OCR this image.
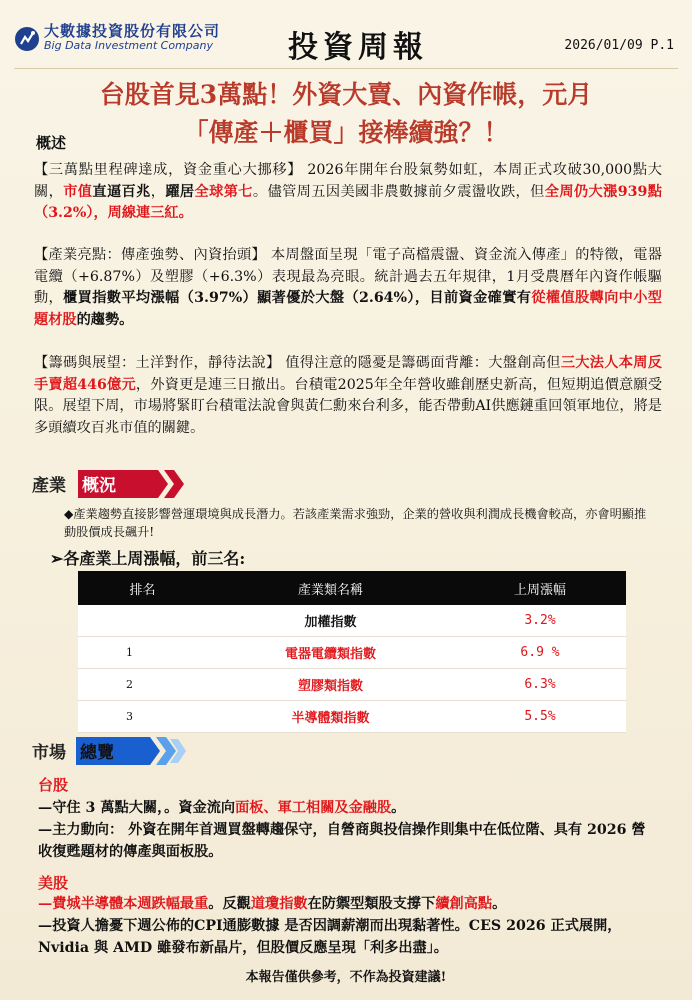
大數據投資股份有限公司
Big Data Investment Company	投資周報	2026/01/09 P.1
台股首見3萬點！外資大賣、內資作帳，元月
「傳產＋櫃買」接棒續強？！
概述
【三萬點里程碑達成，資金重心大挪移】 2026年開年台股氣勢如虹，本周正式攻破30,000點大關，市值直逼百兆，躍居全球第七。儘管周五因美國非農數據前夕震盪收跌，但全周仍大漲939點（3.2%），周線連三紅。
【產業亮點：傳產強勢、內資抬頭】 本周盤面呈現「電子高檔震盪、資金流入傳產」的特徵，電器電纜（+6.87%）及塑膠（+6.3%）表現最為亮眼。統計過去五年規律，1月受農曆年內資作帳驅動，櫃買指數平均漲幅（3.97%）顯著優於大盤（2.64%），目前資金確實有從權值股轉向中小型題材股的趨勢。
【籌碼與展望：土洋對作，靜待法說】 值得注意的隱憂是籌碼面背離：大盤創高但三大法人本周反手賣超446億元，外資更是連三日撤出。台積電2025年全年營收雖創歷史新高，但短期追價意願受限。展望下周，市場將緊盯台積電法說會與黃仁勳來台利多，能否帶動AI供應鏈重回領軍地位，將是多頭續攻百兆市值的關鍵。
產業 概況
◆產業趨勢直接影響營運環境與成長潛力。若該產業需求強勁，企業的營收與利潤成長機會較高，亦會明顯推動股價成長飆升!
➢各產業上周漲幅，前三名:
排名	產業類名稱	上周漲幅
	加權指數	3.2%
1	電器電纜類指數	6.9 %
2	塑膠類指數	6.3%
3	半導體類指數	5.5%
市場 總覽
台股
—守住 3 萬點大關，。資金流向面板、軍工相關及金融股。
—主力動向： 外資在開年首週買盤轉趨保守，自營商與投信操作則集中在低位階、具有 2026 營收復甦題材的傳產與面板股。
美股
—費城半導體本週跌幅最重。反觀道瓊指數在防禦型類股支撐下續創高點。
—投資人擔憂下週公佈的CPI通膨數據 是否因調薪潮而出現黏著性。CES 2026 正式展開，Nvidia 與 AMD 雖發布新晶片，但股價反應呈現「利多出盡」。
本報告僅供參考，不作為投資建議!
